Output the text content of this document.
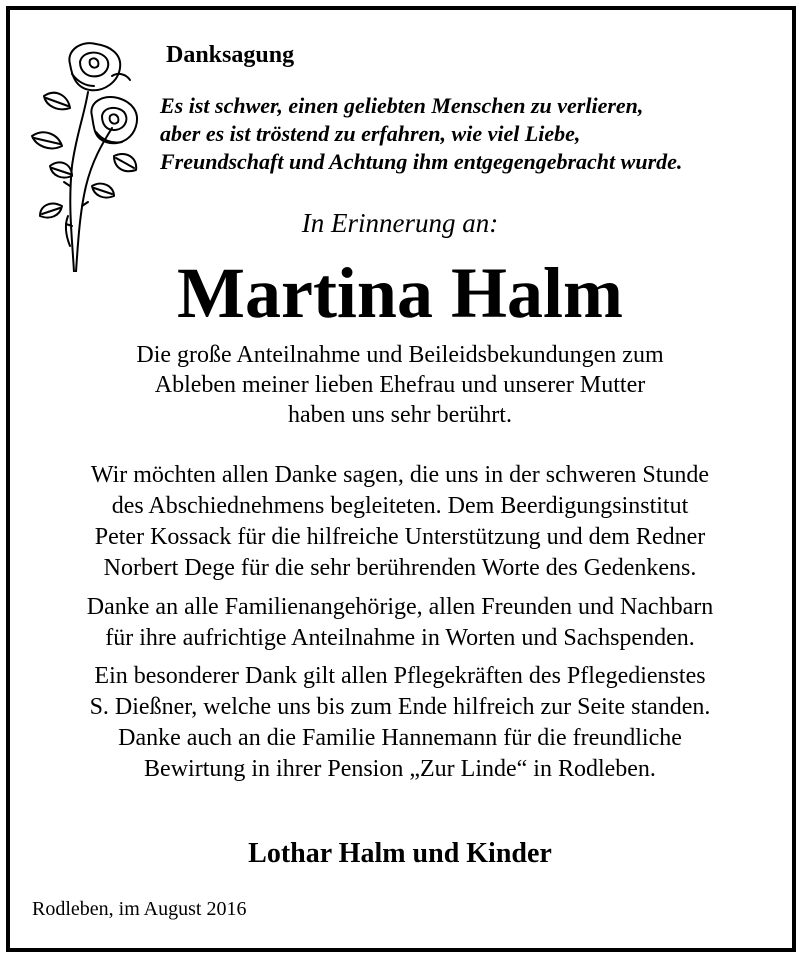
Danksagung
Es ist schwer, einen geliebten Menschen zu verlieren,
aber es ist tröstend zu erfahren, wie viel Liebe,
Freundschaft und Achtung ihm entgegengebracht wurde.
In Erinnerung an:
Martina Halm
Die große Anteilnahme und Beileidsbekundungen zum
Ableben meiner lieben Ehefrau und unserer Mutter
haben uns sehr berührt.
Wir möchten allen Danke sagen, die uns in der schweren Stunde
des Abschiednehmens begleiteten. Dem Beerdigungsinstitut
Peter Kossack für die hilfreiche Unterstützung und dem Redner
Norbert Dege für die sehr berührenden Worte des Gedenkens.
Danke an alle Familienangehörige, allen Freunden und Nachbarn
für ihre aufrichtige Anteilnahme in Worten und Sachspenden.
Ein besonderer Dank gilt allen Pflegekräften des Pflegedienstes
S. Dießner, welche uns bis zum Ende hilfreich zur Seite standen.
Danke auch an die Familie Hannemann für die freundliche
Bewirtung in ihrer Pension „Zur Linde“ in Rodleben.
Lothar Halm und Kinder
Rodleben, im August 2016
